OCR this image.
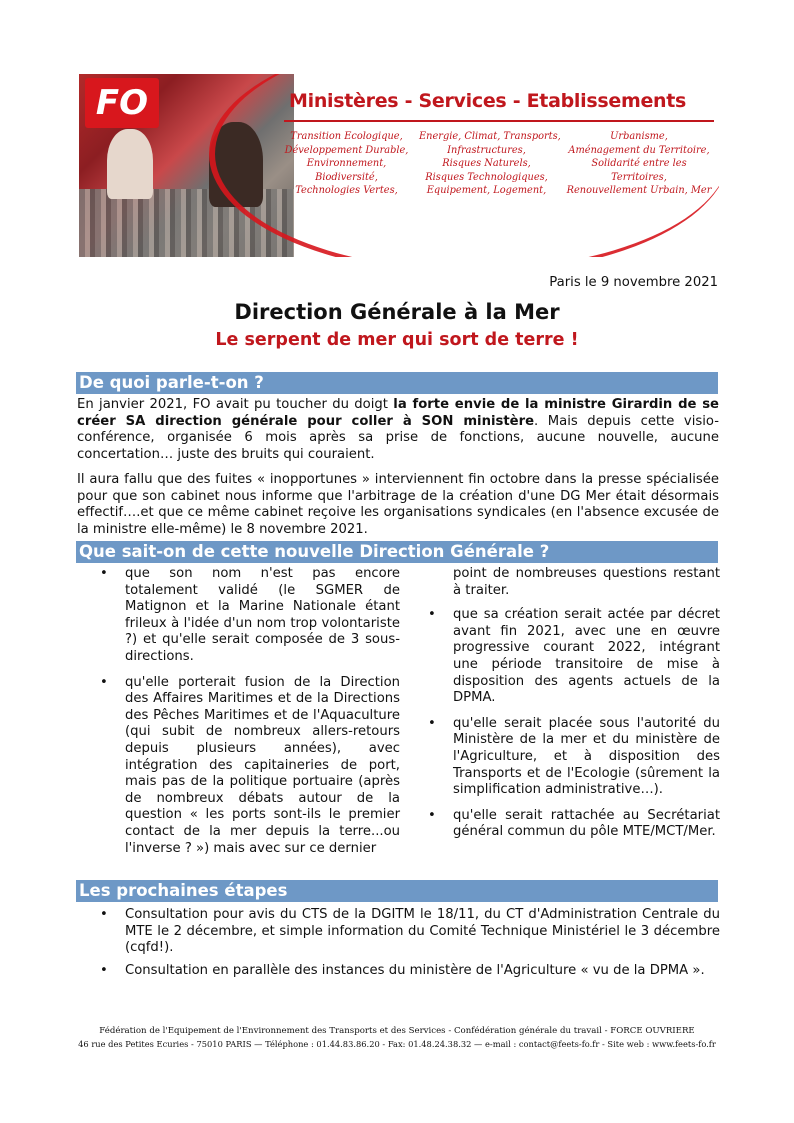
FO	Ministères - Services - Etablissements
Transition Ecologique,
Développement Durable,
Environnement,
Biodiversité,
Technologies Vertes,
Energie, Climat, Transports,
Infrastructures,
Risques Naturels,
Risques Technologiques,
Equipement, Logement,
Urbanisme,
Aménagement du Territoire,
Solidarité entre les
Territoires,
Renouvellement Urbain, Mer
Paris le 9 novembre 2021
Direction Générale à la Mer
Le serpent de mer qui sort de terre !
De quoi parle-t-on ?
En janvier 2021, FO avait pu toucher du doigt la forte envie de la ministre Girardin de se créer SA direction générale pour coller à SON ministère. Mais depuis cette visio-conférence, organisée 6 mois après sa prise de fonctions, aucune nouvelle, aucune concertation… juste des bruits qui couraient.
Il aura fallu que des fuites « inopportunes » interviennent fin octobre dans la presse spécialisée pour que son cabinet nous informe que l'arbitrage de la création d'une DG Mer était désormais effectif….et que ce même cabinet reçoive les organisations syndicales (en l'absence excusée de la ministre elle-même) le 8 novembre 2021.
Que sait-on de cette nouvelle Direction Générale ?
• que son nom n'est pas encore totalement validé (le SGMER de Matignon et la Marine Nationale étant frileux à l'idée d'un nom trop volontariste ?) et qu'elle serait composée de 3 sous-directions.
• qu'elle porterait fusion de la Direction des Affaires Maritimes et de la Directions des Pêches Maritimes et de l'Aquaculture (qui subit de nombreux allers-retours depuis plusieurs années), avec intégration des capitaineries de port, mais pas de la politique portuaire (après de nombreux débats autour de la question « les ports sont-ils le premier contact de la mer depuis la terre...ou l'inverse ? ») mais avec sur ce dernier
point de nombreuses questions restant à traiter.
• que sa création serait actée par décret avant fin 2021, avec une en œuvre progressive courant 2022, intégrant une période transitoire de mise à disposition des agents actuels de la DPMA.
• qu'elle serait placée sous l'autorité du Ministère de la mer et du ministère de l'Agriculture, et à disposition des Transports et de l'Ecologie (sûrement la simplification administrative…).
• qu'elle serait rattachée au Secrétariat général commun du pôle MTE/MCT/Mer.
Les prochaines étapes
• Consultation pour avis du CTS de la DGITM le 18/11, du CT d'Administration Centrale du MTE le 2 décembre, et simple information du Comité Technique Ministériel le 3 décembre (cqfd!).
• Consultation en parallèle des instances du ministère de l'Agriculture « vu de la DPMA ».
Fédération de l'Equipement de l'Environnement des Transports et des Services - Confédération générale du travail - FORCE OUVRIERE
46 rue des Petites Ecuries - 75010 PARIS — Téléphone : 01.44.83.86.20 - Fax: 01.48.24.38.32 — e-mail : contact@feets-fo.fr - Site web : www.feets-fo.fr
